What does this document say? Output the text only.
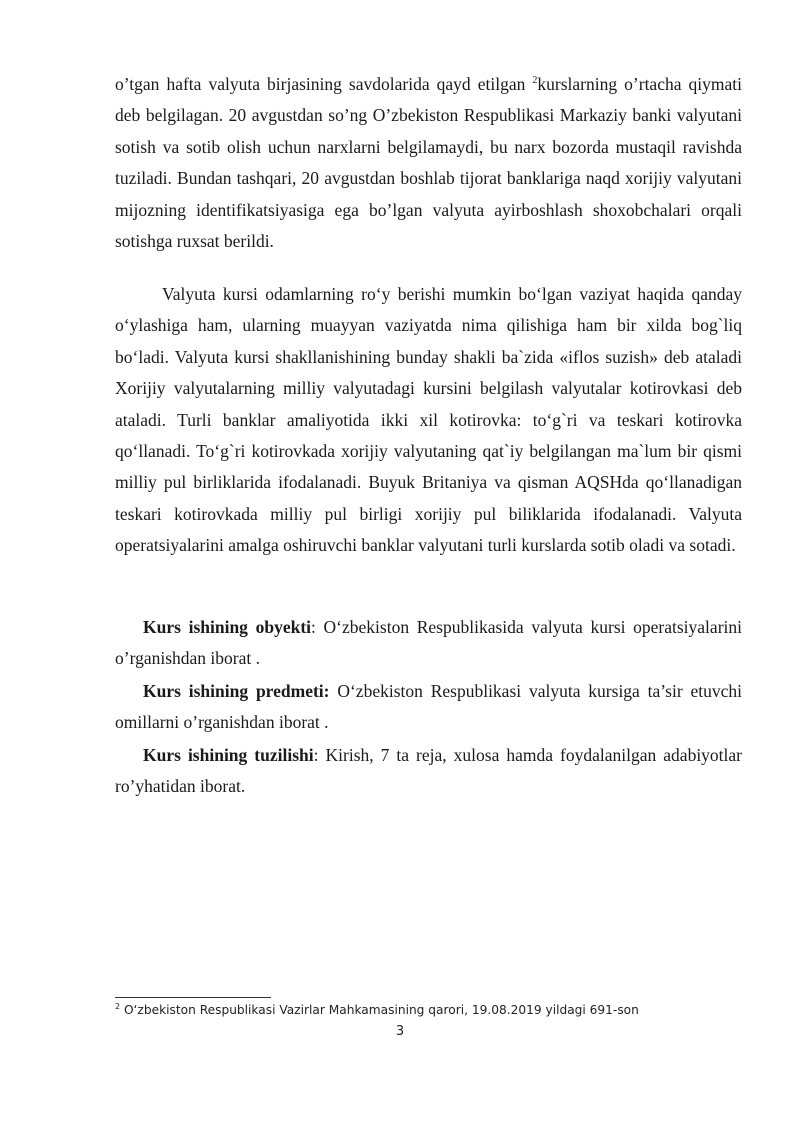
o’tgan hafta valyuta birjasining savdolarida qayd etilgan $^2$kurslarning o’rtacha qiymati deb belgilagan. 20 avgustdan so’ng O’zbekiston Respublikasi Markaziy banki valyutani sotish va sotib olish uchun narxlarni belgilamaydi, bu narx bozorda mustaqil ravishda tuziladi. Bundan tashqari, 20 avgustdan boshlab tijorat banklariga naqd xorijiy valyutani mijozning identifikatsiyasiga ega bo’lgan valyuta ayirboshlash shoxobchalari orqali sotishga ruxsat berildi.

Valyuta kursi odamlarning ro‘y berishi mumkin bo‘lgan vaziyat haqida qanday o‘ylashiga ham, ularning muayyan vaziyatda nima qilishiga ham bir xilda bog`liq bo‘ladi. Valyuta kursi shakllanishining bunday shakli ba`zida «iflos suzish» deb ataladi Xorijiy valyutalarning milliy valyutadagi kursini belgilash valyutalar kotirovkasi deb ataladi. Turli banklar amaliyotida ikki xil kotirovka: to‘g`ri va teskari kotirovka qo‘llanadi. To‘g`ri kotirovkada xorijiy valyutaning qat`iy belgilangan ma`lum bir qismi milliy pul birliklarida ifodalanadi. Buyuk Britaniya va qisman AQSHda qo‘llanadigan teskari kotirovkada milliy pul birligi xorijiy pul biliklarida ifodalanadi. Valyuta operatsiyalarini amalga oshiruvchi banklar valyutani turli kurslarda sotib oladi va sotadi.

Kurs ishining obyekti: O‘zbekiston Respublikasida valyuta kursi operatsiyalarini o’rganishdan iborat .

Kurs ishining predmeti: O‘zbekiston Respublikasi valyuta kursiga ta’sir etuvchi omillarni o’rganishdan iborat .

Kurs ishining tuzilishi: Kirish, 7 ta reja, xulosa hamda foydalanilgan adabiyotlar ro’yhatidan iborat.

$^2$ O‘zbekiston Respublikasi Vazirlar Mahkamasining qarori, 19.08.2019 yildagi 691-son
3
